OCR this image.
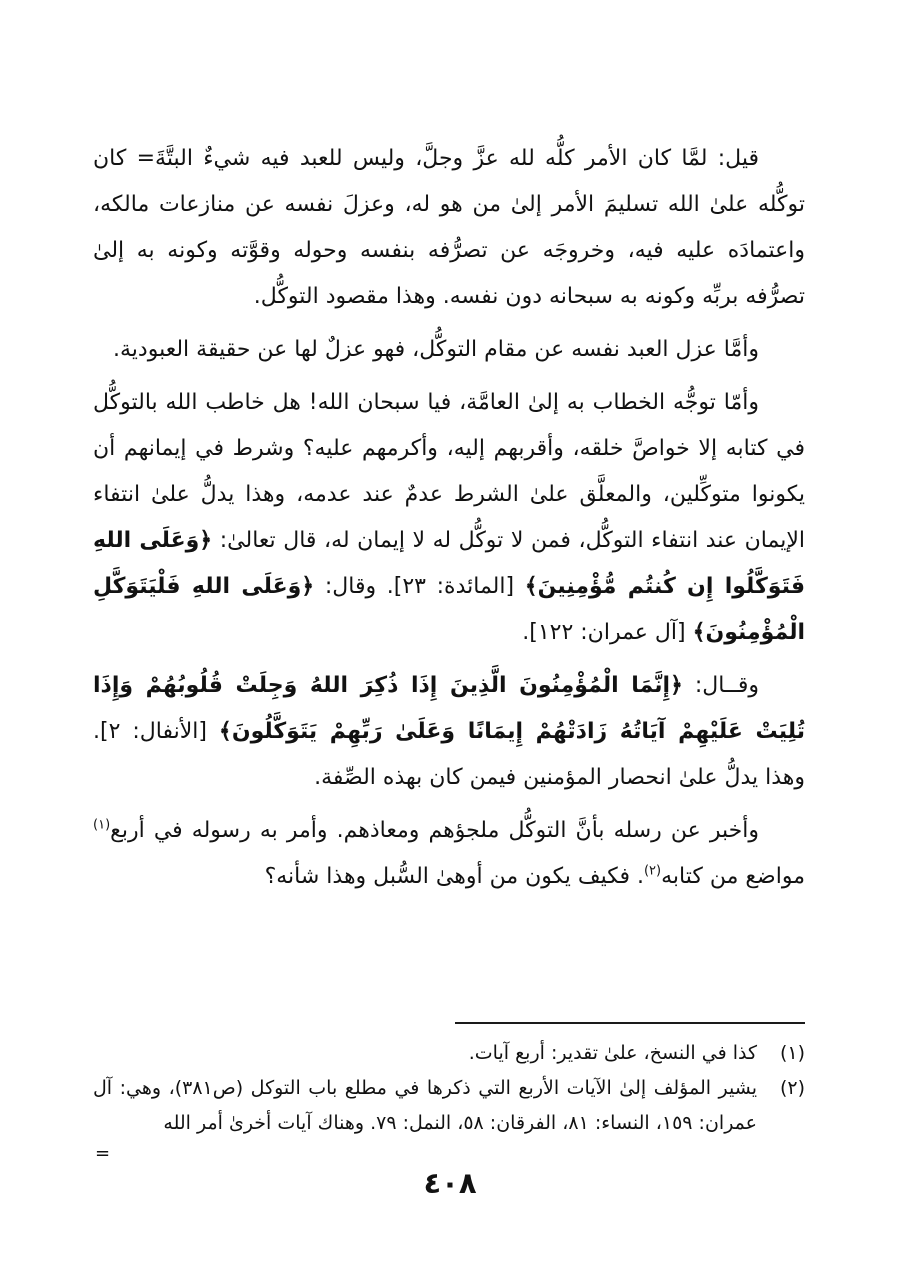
قيل: لمَّا كان الأمر كلُّه لله عزَّ وجلَّ، وليس للعبد فيه شيءٌ البتَّةَ= كان توكُّله علىٰ الله تسليمَ الأمر إلىٰ من هو له، وعزلَ نفسه عن منازعات مالكه، واعتمادَه عليه فيه، وخروجَه عن تصرُّفه بنفسه وحوله وقوَّته وكونه به إلىٰ تصرُّفه بربِّه وكونه به سبحانه دون نفسه. وهذا مقصود التوكُّل.

وأمَّا عزل العبد نفسه عن مقام التوكُّل، فهو عزلٌ لها عن حقيقة العبودية.

وأمّا توجُّه الخطاب به إلىٰ العامَّة، فيا سبحان الله! هل خاطب الله بالتوكُّل في كتابه إلا خواصَّ خلقه، وأقربهم إليه، وأكرمهم عليه؟ وشرط في إيمانهم أن يكونوا متوكِّلين، والمعلَّق علىٰ الشرط عدمٌ عند عدمه، وهذا يدلُّ علىٰ انتفاء الإيمان عند انتفاء التوكُّل، فمن لا توكُّل له لا إيمان له، قال تعالىٰ: ﴿وَعَلَى اللهِ فَتَوَكَّلُوا إِن كُنتُم مُّؤْمِنِينَ﴾ [المائدة: ٢٣]. وقال: ﴿وَعَلَى اللهِ فَلْيَتَوَكَّلِ الْمُؤْمِنُونَ﴾ [آل عمران: ١٢٢].

وقــال: ﴿إِنَّمَا الْمُؤْمِنُونَ الَّذِينَ إِذَا ذُكِرَ اللهُ وَجِلَتْ قُلُوبُهُمْ وَإِذَا تُلِيَتْ عَلَيْهِمْ آيَاتُهُ زَادَتْهُمْ إِيمَانًا وَعَلَىٰ رَبِّهِمْ يَتَوَكَّلُونَ﴾ [الأنفال: ٢]. وهذا يدلُّ علىٰ انحصار المؤمنين فيمن كان بهذه الصِّفة.

وأخبر عن رسله بأنَّ التوكُّل ملجؤهم ومعاذهم. وأمر به رسوله في أربع$^{(١)}$ مواضع من كتابه$^{(٢)}$. فكيف يكون من أوهىٰ السُّبل وهذا شأنه؟

(١)
كذا في النسخ، علىٰ تقدير: أربع آيات.
(٢)
يشير المؤلف إلىٰ الآيات الأربع التي ذكرها في مطلع باب التوكل (ص٣٨١)، وهي: آل عمران: ١٥٩، النساء: ٨١، الفرقان: ٥٨، النمل: ٧٩. وهناك آيات أخرىٰ أمر الله
=
٤٠٨
